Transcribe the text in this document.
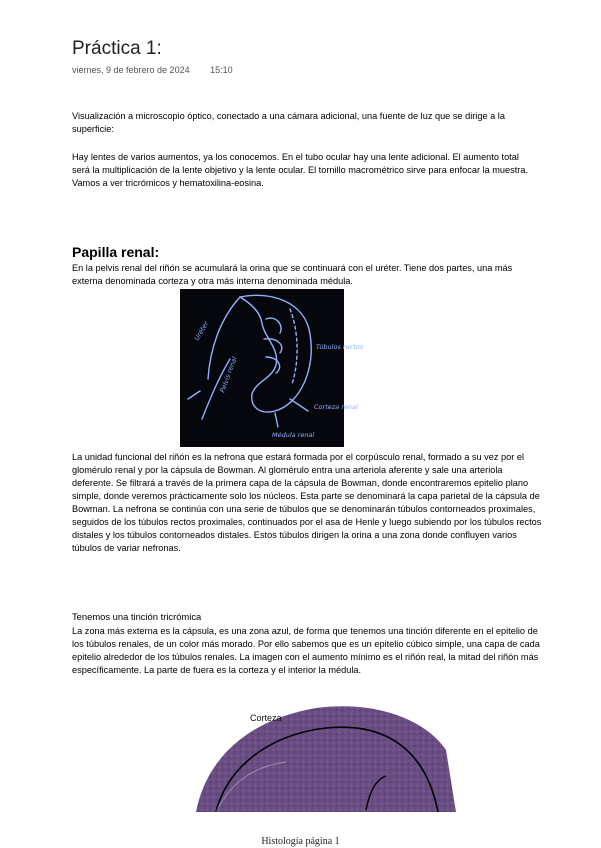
Práctica 1:
viernes, 9 de febrero de 2024 15:10
Visualización a microscopio óptico, conectado a una cámara adicional, una fuente de luz que se dirige a la superficie:
Hay lentes de varios aumentos, ya los conocemos. En el tubo ocular hay una lente adicional. El aumento total será la multiplicación de la lente objetivo y la lente ocular. El tornillo macrométrico sirve para enfocar la muestra. Vamos a ver tricrómicos y hematoxilina-eosina.
Papilla renal:
En la pelvis renal del riñón se acumulará la orina que se continuará con el uréter. Tiene dos partes, una más externa denominada corteza y otra más interna denominada médula.
Uréter
Pelvis renal
Túbulos rectos
Corteza renal
Médula renal
La unidad funcional del riñón es la nefrona que estará formada por el corpúsculo renal, formado a su vez por el glomérulo renal y por la cápsula de Bowman. Al glomérulo entra una arteriola aferente y sale una arteriola deferente. Se filtrará a través de la primera capa de la cápsula de Bowman, donde encontraremos epitelio plano simple, donde veremos prácticamente solo los núcleos. Esta parte se denominará la capa parietal de la cápsula de Bowman. La nefrona se continúa con una serie de túbulos que se denominarán túbulos contorneados proximales, seguidos de los túbulos rectos proximales, continuados por el asa de Henle y luego subiendo por los túbulos rectos distales y los túbulos contorneados distales. Estos túbulos dirigen la orina a una zona donde confluyen varios túbulos de variar nefronas.
Tenemos una tinción tricrómica
La zona más externa es la cápsula, es una zona azul, de forma que tenemos una tinción diferente en el epitelio de los túbulos renales, de un color más morado. Por ello sabemos que es un epitelio cúbico simple, una capa de cada epitelio alrededor de los túbulos renales. La imagen con el aumento mínimo es el riñón real, la mitad del riñón más específicamente. La parte de fuera es la corteza y el interior la médula.
Corteza
Histología página 1
